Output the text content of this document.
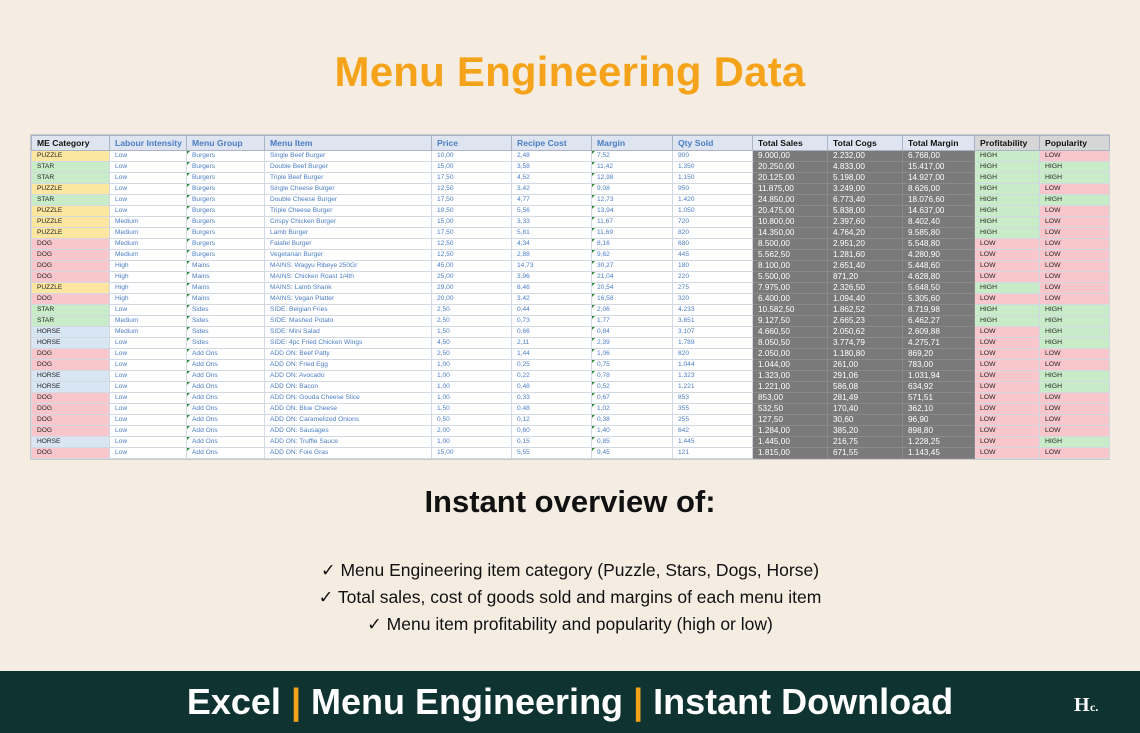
Menu Engineering Data
ME Category	Labour Intensity	Menu Group	Menu Item	Price	Recipe Cost	Margin	Qty Sold	Total Sales	Total Cogs	Total Margin	Profitability	Popularity
PUZZLE	Low	Burgers	Single Beef Burger	10,00	2,48	7,52	900	9.000,00	2.232,00	6.768,00	HIGH	LOW
STAR	Low	Burgers	Double Beef Burger	15,00	3,58	11,42	1.350	20.250,00	4.833,00	15.417,00	HIGH	HIGH
STAR	Low	Burgers	Triple Beef Burger	17,50	4,52	12,98	1.150	20.125,00	5.198,00	14.927,00	HIGH	HIGH
PUZZLE	Low	Burgers	Single Cheese Burger	12,50	3,42	9,08	950	11.875,00	3.249,00	8.626,00	HIGH	LOW
STAR	Low	Burgers	Double Cheese Burger	17,50	4,77	12,73	1.420	24.850,00	6.773,40	18.076,60	HIGH	HIGH
PUZZLE	Low	Burgers	Triple Cheese Burger	19,50	5,56	13,94	1.050	20.475,00	5.838,00	14.637,00	HIGH	LOW
PUZZLE	Medium	Burgers	Crispy Chicken Burger	15,00	3,33	11,67	720	10.800,00	2.397,60	8.402,40	HIGH	LOW
PUZZLE	Medium	Burgers	Lamb Burger	17,50	5,81	11,69	820	14.350,00	4.764,20	9.585,80	HIGH	LOW
DOG	Medium	Burgers	Falafel Burger	12,50	4,34	8,16	680	8.500,00	2.951,20	5.548,80	LOW	LOW
DOG	Medium	Burgers	Vegetarian Burger	12,50	2,88	9,62	445	5.562,50	1.281,60	4.280,90	LOW	LOW
DOG	High	Mains	MAINS: Wagyu Ribeye 250Gr	45,00	14,73	30,27	180	8.100,00	2.651,40	5.448,60	LOW	LOW
DOG	High	Mains	MAINS: Chicken Roast 1/4th	25,00	3,96	21,04	220	5.500,00	871,20	4.628,80	LOW	LOW
PUZZLE	High	Mains	MAINS: Lamb Shank	29,00	8,46	20,54	275	7.975,00	2.326,50	5.648,50	HIGH	LOW
DOG	High	Mains	MAINS: Vegan Platter	20,00	3,42	16,58	320	6.400,00	1.094,40	5.305,60	LOW	LOW
STAR	Low	Sides	SIDE: Belgian Fries	2,50	0,44	2,06	4.233	10.582,50	1.862,52	8.719,98	HIGH	HIGH
STAR	Medium	Sides	SIDE: Mashed Potato	2,50	0,73	1,77	3.651	9.127,50	2.665,23	6.462,27	HIGH	HIGH
HORSE	Medium	Sides	SIDE: Mini Salad	1,50	0,66	0,84	3.107	4.660,50	2.050,62	2.609,88	LOW	HIGH
HORSE	Low	Sides	SIDE: 4pc Fried Chicken Wings	4,50	2,11	2,39	1.789	8.050,50	3.774,79	4.275,71	LOW	HIGH
DOG	Low	Add Ons	ADD ON: Beef Patty	2,50	1,44	1,06	820	2.050,00	1.180,80	869,20	LOW	LOW
DOG	Low	Add Ons	ADD ON: Fried Egg	1,00	0,25	0,75	1.044	1.044,00	261,00	783,00	LOW	LOW
HORSE	Low	Add Ons	ADD ON: Avocado	1,00	0,22	0,78	1.323	1.323,00	291,06	1.031,94	LOW	HIGH
HORSE	Low	Add Ons	ADD ON: Bacon	1,00	0,48	0,52	1.221	1.221,00	586,08	634,92	LOW	HIGH
DOG	Low	Add Ons	ADD ON: Gouda Cheese Slice	1,00	0,33	0,67	853	853,00	281,49	571,51	LOW	LOW
DOG	Low	Add Ons	ADD ON: Blue Cheese	1,50	0,48	1,02	355	532,50	170,40	362,10	LOW	LOW
DOG	Low	Add Ons	ADD ON: Caramelized Onions	0,50	0,12	0,38	255	127,50	30,60	96,90	LOW	LOW
DOG	Low	Add Ons	ADD ON: Sausages	2,00	0,60	1,40	642	1.284,00	385,20	898,80	LOW	LOW
HORSE	Low	Add Ons	ADD ON: Truffle Sauce	1,00	0,15	0,85	1.445	1.445,00	216,75	1.228,25	LOW	HIGH
DOG	Low	Add Ons	ADD ON: Foie Gras	15,00	5,55	9,45	121	1.815,00	671,55	1.143,45	LOW	LOW
Instant overview of:
✓ Menu Engineering item category (Puzzle, Stars, Dogs, Horse)
✓ Total sales, cost of goods sold and margins of each menu item
✓ Menu item profitability and popularity (high or low)
Excel | Menu Engineering | Instant Download	H c.
